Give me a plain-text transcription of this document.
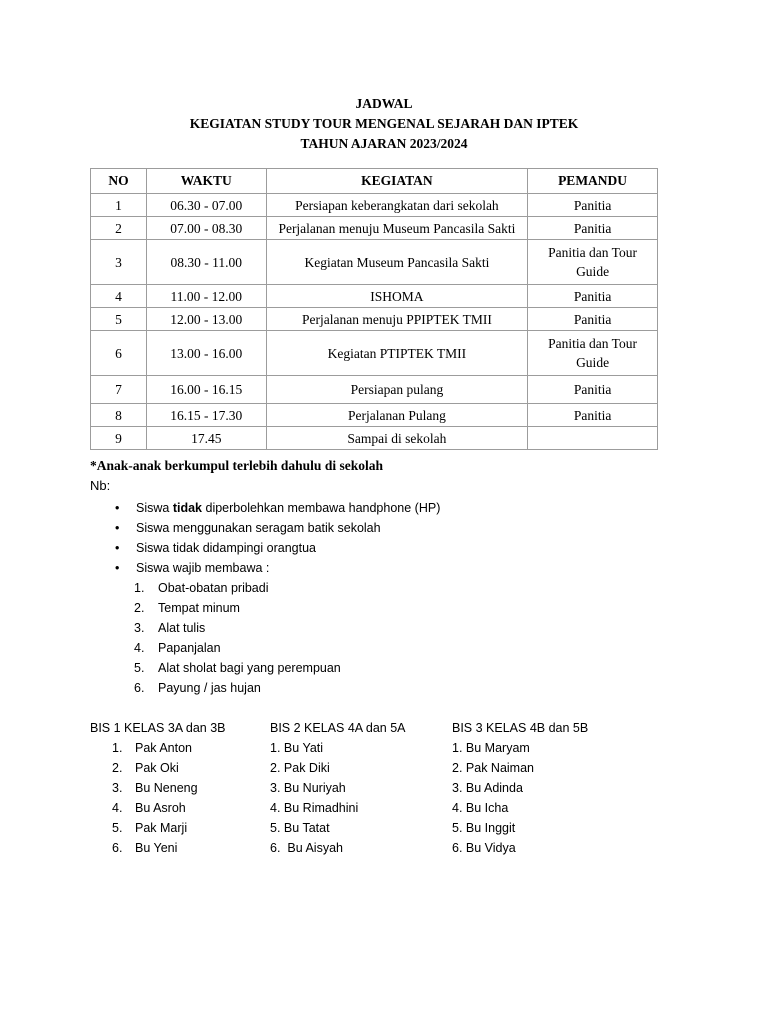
JADWAL
KEGIATAN STUDY TOUR MENGENAL SEJARAH DAN IPTEK
TAHUN AJARAN 2023/2024
NO	WAKTU	KEGIATAN	PEMANDU
1	06.30 - 07.00	Persiapan keberangkatan dari sekolah	Panitia
2	07.00 - 08.30	Perjalanan menuju Museum Pancasila Sakti	Panitia
3	08.30 - 11.00	Kegiatan Museum Pancasila Sakti	Panitia dan Tour Guide
4	11.00 - 12.00	ISHOMA	Panitia
5	12.00 - 13.00	Perjalanan menuju PPIPTEK TMII	Panitia
6	13.00 - 16.00	Kegiatan PTIPTEK TMII	Panitia dan Tour Guide
7	16.00 - 16.15	Persiapan pulang	Panitia
8	16.15 - 17.30	Perjalanan Pulang	Panitia
9	17.45	Sampai di sekolah	
*Anak-anak berkumpul terlebih dahulu di sekolah
Nb:
• Siswa tidak diperbolehkan membawa handphone (HP)
• Siswa menggunakan seragam batik sekolah
• Siswa tidak didampingi orangtua
• Siswa wajib membawa :
1. Obat-obatan pribadi
2. Tempat minum
3. Alat tulis
4. Papanjalan
5. Alat sholat bagi yang perempuan
6. Payung / jas hujan
BIS 1 KELAS 3A dan 3B
1. Pak Anton
2. Pak Oki
3. Bu Neneng
4. Bu Asroh
5. Pak Marji
6. Bu Yeni
BIS 2 KELAS 4A dan 5A
1. Bu Yati
2. Pak Diki
3. Bu Nuriyah
4. Bu Rimadhini
5. Bu Tatat
6.  Bu Aisyah
BIS 3 KELAS 4B dan 5B
1. Bu Maryam
2. Pak Naiman
3. Bu Adinda
4. Bu Icha
5. Bu Inggit
6. Bu Vidya
